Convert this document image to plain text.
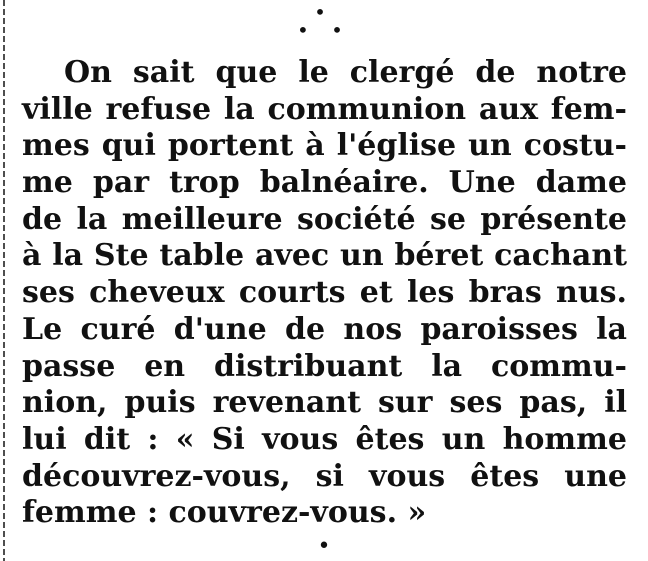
•
• •
On sait que le clergé de notre
ville refuse la communion aux fem-
mes qui portent à l'église un costu-
me par trop balnéaire. Une dame
de la meilleure société se présente
à la Ste table avec un béret cachant
ses cheveux courts et les bras nus.
Le curé d'une de nos paroisses la
passe en distribuant la commu-
nion, puis revenant sur ses pas, il
lui dit : « Si vous êtes un homme
découvrez-vous, si vous êtes une
femme : couvrez-vous. »
•
